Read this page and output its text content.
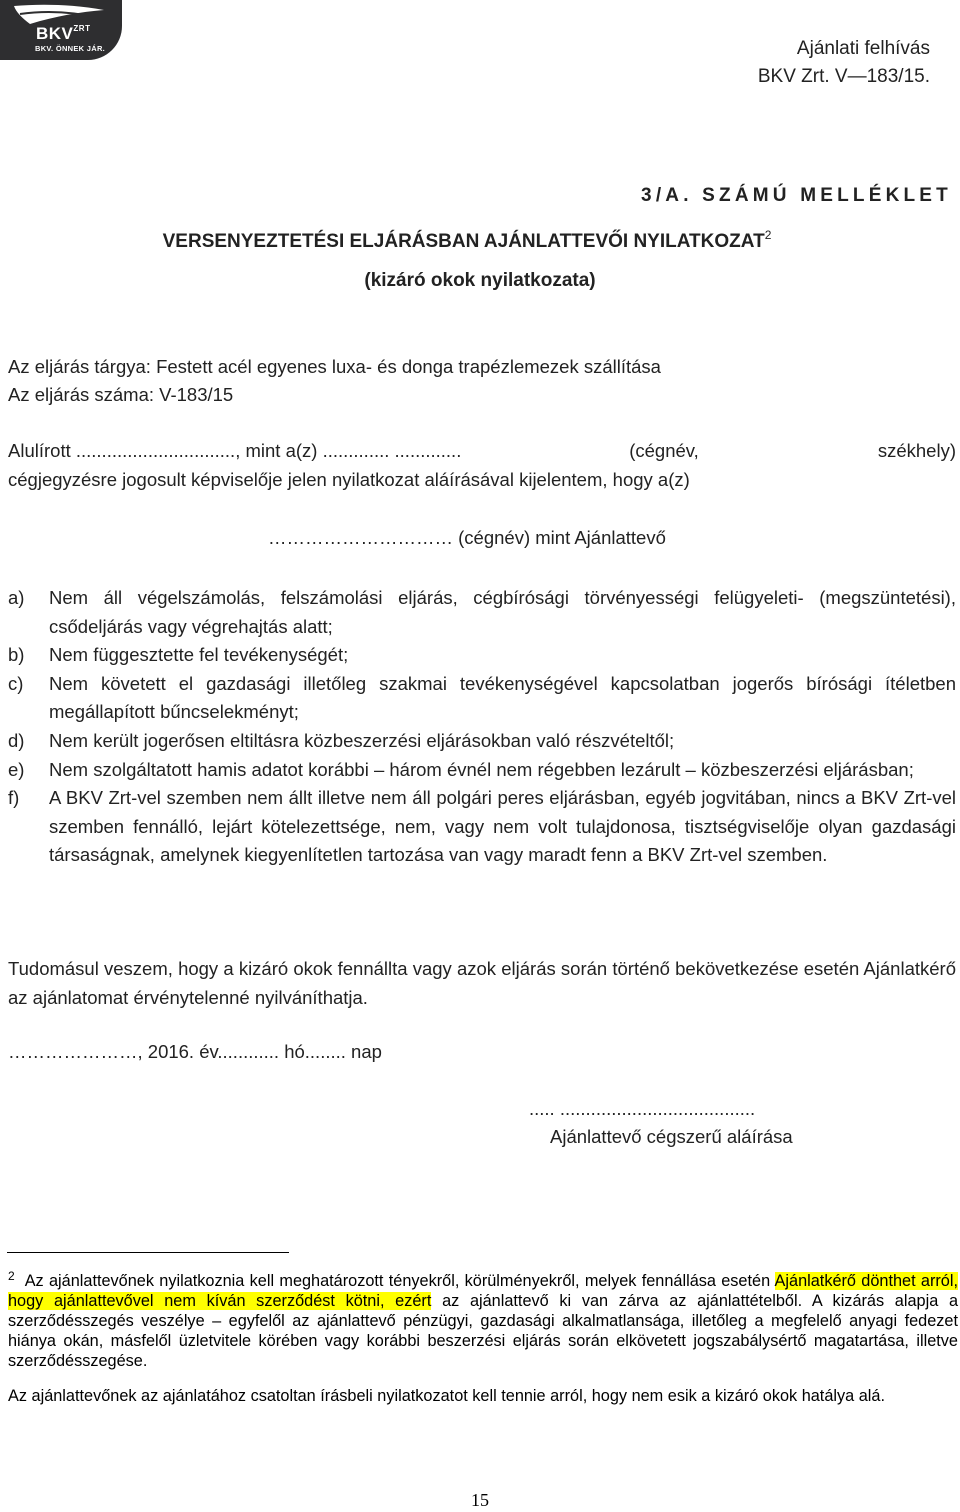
$BKV^{ZRT}$
BKV. ÖNNEK JÁR.	Ajánlati felhívás
BKV Zrt. V—183/15.
3/A. SZÁMÚ MELLÉKLET
VERSENYEZTETÉSI ELJÁRÁSBAN AJÁNLATTEVŐI NYILATKOZAT$^2$
(kizáró okok nyilatkozata)
Az eljárás tárgya: Festett acél egyenes luxa- és donga trapézlemezek szállítása
Az eljárás száma: V-183/15
Alulírott ..............................., mint a(z) ............. .............	(cégnév,	székhely)
cégjegyzésre jogosult képviselője jelen nyilatkozat aláírásával kijelentem, hogy a(z)
………………………… (cégnév) mint Ajánlattevő
a) Nem áll végelszámolás, felszámolási eljárás, cégbírósági törvényességi felügyeleti- (megszüntetési), csődeljárás vagy végrehajtás alatt;
b) Nem függesztette fel tevékenységét;
c) Nem követett el gazdasági illetőleg szakmai tevékenységével kapcsolatban jogerős bírósági ítéletben megállapított bűncselekményt;
d) Nem került jogerősen eltiltásra közbeszerzési eljárásokban való részvételtől;
e) Nem szolgáltatott hamis adatot korábbi – három évnél nem régebben lezárult – közbeszerzési eljárásban;
f) A BKV Zrt-vel szemben nem állt illetve nem áll polgári peres eljárásban, egyéb jogvitában, nincs a BKV Zrt-vel szemben fennálló, lejárt kötelezettsége, nem, vagy nem volt tulajdonosa, tisztségviselője olyan gazdasági társaságnak, amelynek kiegyenlítetlen tartozása van vagy maradt fenn a BKV Zrt-vel szemben.
Tudomásul veszem, hogy a kizáró okok fennállta vagy azok eljárás során történő bekövetkezése esetén Ajánlatkérő az ajánlatomat érvénytelenné nyilváníthatja.
…………………, 2016. év............ hó........ nap
..... ......................................
Ajánlattevő cégszerű aláírása
$^2$ Az ajánlattevőnek nyilatkoznia kell meghatározott tényekről, körülményekről, melyek fennállása esetén Ajánlatkérő dönthet arról, hogy ajánlattevővel nem kíván szerződést kötni, ezért az ajánlattevő ki van zárva az ajánlattételből. A kizárás alapja a szerződésszegés veszélye – egyfelől az ajánlattevő pénzügyi, gazdasági alkalmatlansága, illetőleg a megfelelő anyagi fedezet hiánya okán, másfelől üzletvitele körében vagy korábbi beszerzési eljárás során elkövetett jogszabálysértő magatartása, illetve szerződésszegése.
Az ajánlattevőnek az ajánlatához csatoltan írásbeli nyilatkozatot kell tennie arról, hogy nem esik a kizáró okok hatálya alá.
15
